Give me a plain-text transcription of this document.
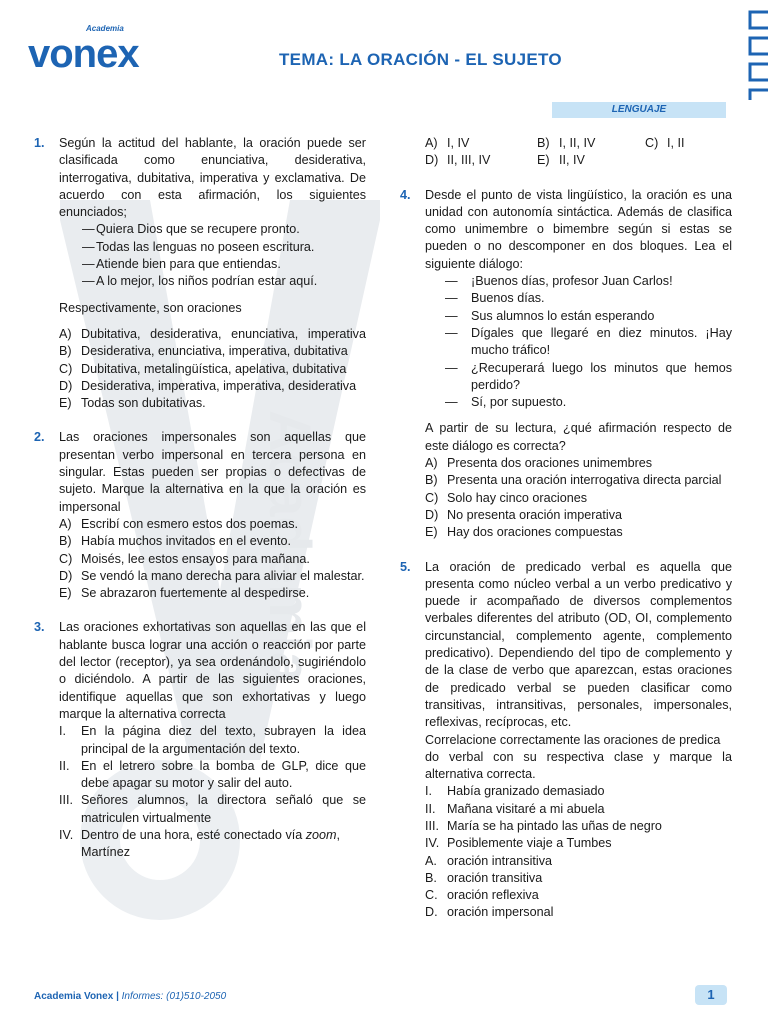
Academia
Academia
vonex	TEMA: LA ORACIÓN - EL SUJETO
LENGUAJE
1. Según la actitud del hablante, la oración puede ser clasificada como enunciativa, desiderativa, interrogativa, dubitativa, imperativa y exclamativa. De acuerdo con esta afirmación, los siguientes enunciados;
— Quiera Dios que se recupere pronto.
— Todas las lenguas no poseen escritura.
— Atiende bien para que entiendas.
— A lo mejor, los niños podrían estar aquí.
Respectivamente, son oraciones
A) Dubitativa, desiderativa, enunciativa, imperativa
B) Desiderativa, enunciativa, imperativa, dubitativa
C) Dubitativa, metalingüística, apelativa, dubitativa
D) Desiderativa, imperativa, imperativa, desiderativa
E) Todas son dubitativas.
2. Las oraciones impersonales son aquellas que presentan verbo impersonal en tercera persona en singular. Estas pueden ser propias o defectivas de sujeto. Marque la alternativa en la que la oración es impersonal
A) Escribí con esmero estos dos poemas.
B) Había muchos invitados en el evento.
C) Moisés, lee estos ensayos para mañana.
D) Se vendó la mano derecha para aliviar el malestar.
E) Se abrazaron fuertemente al despedirse.
3. Las oraciones exhortativas son aquellas en las que el hablante busca lograr una acción o reacción por parte del lector (receptor), ya sea ordenándolo, sugiriéndolo o diciéndolo. A partir de las siguientes oraciones, identifique aquellas que son exhortativas y luego marque la alternativa correcta
I. En la página diez del texto, subrayen la idea principal de la argumentación del texto.
II. En el letrero sobre la bomba de GLP, dice que debe apagar su motor y salir del auto.
III. Señores alumnos, la directora señaló que se matriculen virtualmente
IV. Dentro de una hora, esté conectado vía zoom, Martínez
A) I, IV	B) I, II, IV	C) I, II
D) II, III, IV	E) II, IV
4. Desde el punto de vista lingüístico, la oración es una unidad con autonomía sintáctica. Además de clasifica como unimembre o bimembre según si estas se pueden o no descomponer en dos bloques. Lea el siguiente diálogo:
— ¡Buenos días, profesor Juan Carlos!
— Buenos días.
— Sus alumnos lo están esperando
— Dígales que llegaré en diez minutos. ¡Hay mucho tráfico!
— ¿Recuperará luego los minutos que hemos perdido?
— Sí, por supuesto.
A partir de su lectura, ¿qué afirmación respecto de este diálogo es correcta?
A) Presenta dos oraciones unimembres
B) Presenta una oración interrogativa directa parcial
C) Solo hay cinco oraciones
D) No presenta oración imperativa
E) Hay dos oraciones compuestas
5. La oración de predicado verbal es aquella que presenta como núcleo verbal a un verbo predicativo y puede ir acompañado de diversos complementos verbales diferentes del atributo (OD, OI, complemento circunstancial, complemento agente, complemento predicativo). Dependiendo del tipo de complemento y de la clase de verbo que aparezcan, estas oraciones de predicado verbal se pueden clasificar como transitivas, intransitivas, personales, impersonales, reflexivas, recíprocas, etc.
Correlacione correctamente las oraciones de predica
do verbal con su respectiva clase y marque la alternativa correcta.
I. Había granizado demasiado
II. Mañana visitaré a mi abuela
III. María se ha pintado las uñas de negro
IV. Posiblemente viaje a Tumbes
A. oración intransitiva
B. oración transitiva
C. oración reflexiva
D. oración impersonal
Academia Vonex | Informes: (01)510-2050	1
